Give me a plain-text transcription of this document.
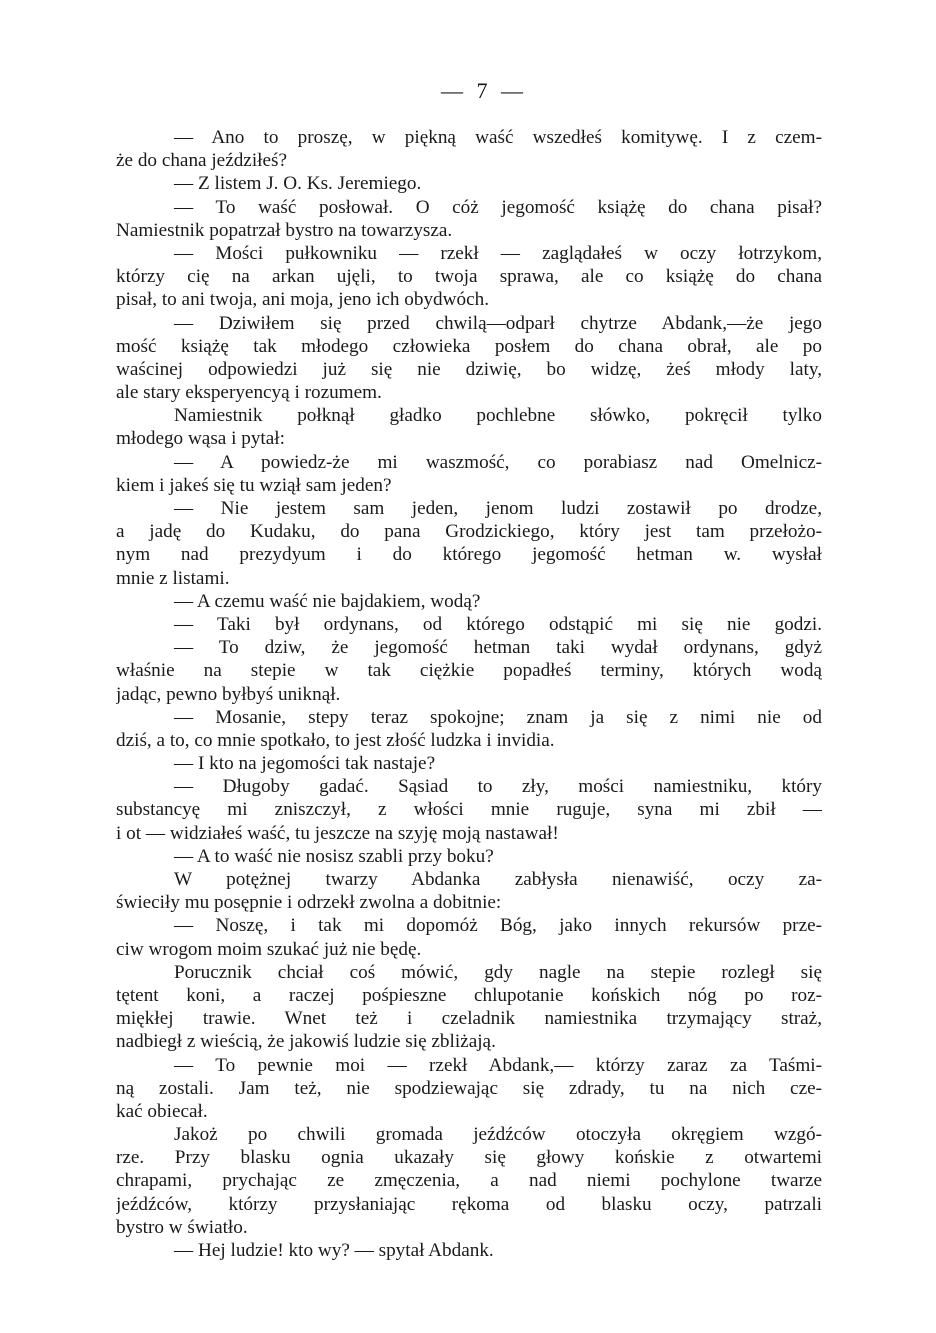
— 7 —
— Ano to proszę, w piękną waść wszedłeś komitywę. I z czem-
że do chana jeździłeś?
— Z listem J. O. Ks. Jeremiego.
— To waść posłował. O cóż jegomość książę do chana pisał?
Namiestnik popatrzał bystro na towarzysza.
— Mości pułkowniku — rzekł — zaglądałeś w oczy łotrzykom,
którzy cię na arkan ujęli, to twoja sprawa, ale co książę do chana
pisał, to ani twoja, ani moja, jeno ich obydwóch.
— Dziwiłem się przed chwilą—odparł chytrze Abdank,—że jego
mość książę tak młodego człowieka posłem do chana obrał, ale po
waścinej odpowiedzi już się nie dziwię, bo widzę, żeś młody laty,
ale stary eksperyencyą i rozumem.
Namiestnik połknął gładko pochlebne słówko, pokręcił tylko
młodego wąsa i pytał:
— A powiedz-że mi waszmość, co porabiasz nad Omelnicz-
kiem i jakeś się tu wziął sam jeden?
— Nie jestem sam jeden, jenom ludzi zostawił po drodze,
a jadę do Kudaku, do pana Grodzickiego, który jest tam przełożo-
nym nad prezydyum i do którego jegomość hetman w. wysłał
mnie z listami.
— A czemu waść nie bajdakiem, wodą?
— Taki był ordynans, od którego odstąpić mi się nie godzi.
— To dziw, że jegomość hetman taki wydał ordynans, gdyż
właśnie na stepie w tak ciężkie popadłeś terminy, których wodą
jadąc, pewno byłbyś uniknął.
— Mosanie, stepy teraz spokojne; znam ja się z nimi nie od
dziś, a to, co mnie spotkało, to jest złość ludzka i invidia.
— I kto na jegomości tak nastaje?
— Długoby gadać. Sąsiad to zły, mości namiestniku, który
substancyę mi zniszczył, z włości mnie ruguje, syna mi zbił —
i ot — widziałeś waść, tu jeszcze na szyję moją nastawał!
— A to waść nie nosisz szabli przy boku?
W potężnej twarzy Abdanka zabłysła nienawiść, oczy za-
świeciły mu posępnie i odrzekł zwolna a dobitnie:
— Noszę, i tak mi dopomóż Bóg, jako innych rekursów prze-
ciw wrogom moim szukać już nie będę.
Porucznik chciał coś mówić, gdy nagle na stepie rozległ się
tętent koni, a raczej pośpieszne chlupotanie końskich nóg po roz-
miękłej trawie. Wnet też i czeladnik namiestnika trzymający straż,
nadbiegł z wieścią, że jakowiś ludzie się zbliżają.
— To pewnie moi — rzekł Abdank,— którzy zaraz za Taśmi-
ną zostali. Jam też, nie spodziewając się zdrady, tu na nich cze-
kać obiecał.
Jakoż po chwili gromada jeźdźców otoczyła okręgiem wzgó-
rze. Przy blasku ognia ukazały się głowy końskie z otwartemi
chrapami, prychając ze zmęczenia, a nad niemi pochylone twarze
jeźdźców, którzy przysłaniając rękoma od blasku oczy, patrzali
bystro w światło.
— Hej ludzie! kto wy? — spytał Abdank.
